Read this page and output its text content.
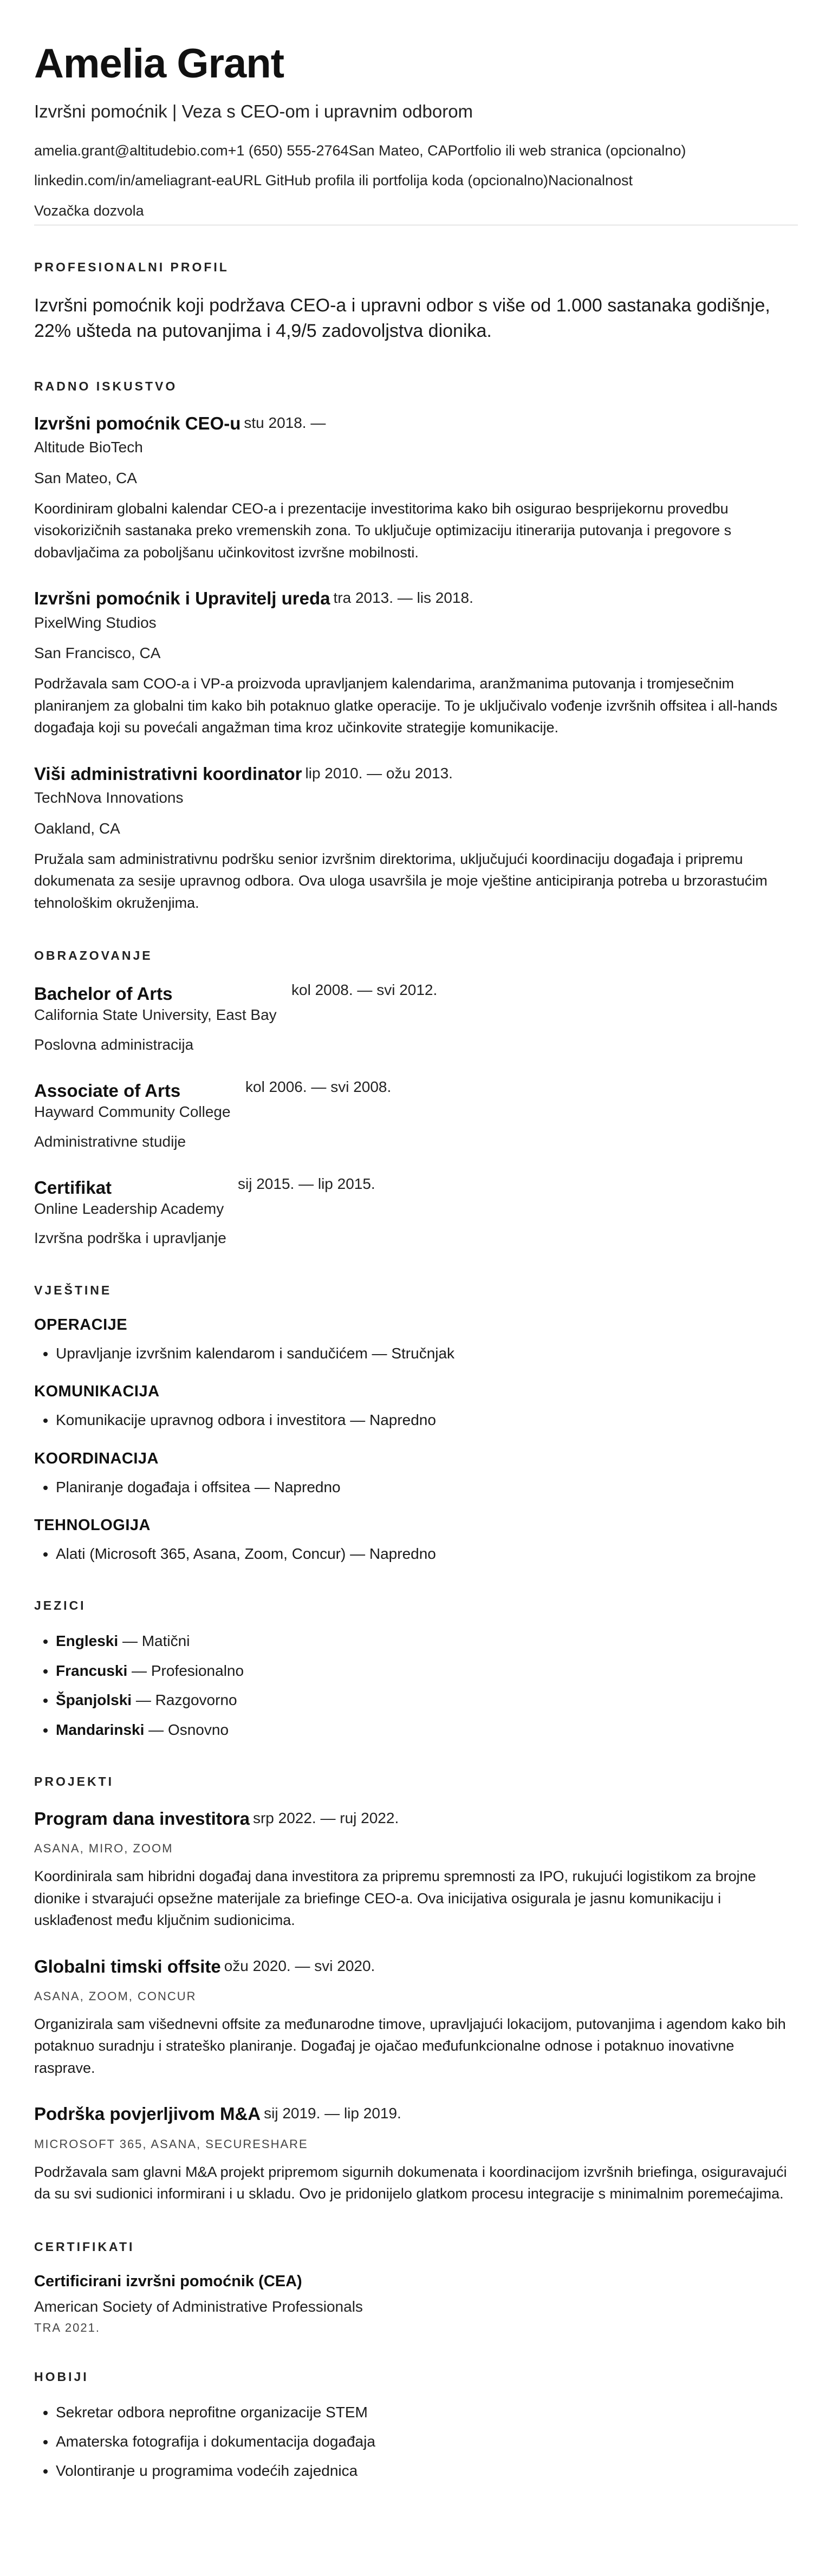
Amelia Grant
Izvršni pomoćnik | Veza s CEO-om i upravnim odborom
amelia.grant@altitudebio.com+1 (650) 555-2764San Mateo, CAPortfolio ili web stranica (opcionalno)
linkedin.com/in/ameliagrant-eaURL GitHub profila ili portfolija koda (opcionalno)Nacionalnost
Vozačka dozvola
PROFESIONALNI PROFIL
Izvršni pomoćnik koji podržava CEO-a i upravni odbor s više od 1.000 sastanaka godišnje, 22% ušteda na putovanjima i 4,9/5 zadovoljstva dionika.
RADNO ISKUSTVO
Izvršni pomoćnik CEO-u stu 2018. —
Altitude BioTech
San Mateo, CA
Koordiniram globalni kalendar CEO-a i prezentacije investitorima kako bih osigurao besprijekornu provedbu visokorizičnih sastanaka preko vremenskih zona. To uključuje optimizaciju itinerarija putovanja i pregovore s dobavljačima za poboljšanu učinkovitost izvršne mobilnosti.
Izvršni pomoćnik i Upravitelj ureda tra 2013. — lis 2018.
PixelWing Studios
San Francisco, CA
Podržavala sam COO-a i VP-a proizvoda upravljanjem kalendarima, aranžmanima putovanja i tromjesečnim planiranjem za globalni tim kako bih potaknuo glatke operacije. To je uključivalo vođenje izvršnih offsitea i all-hands događaja koji su povećali angažman tima kroz učinkovite strategije komunikacije.
Viši administrativni koordinator lip 2010. — ožu 2013.
TechNova Innovations
Oakland, CA
Pružala sam administrativnu podršku senior izvršnim direktorima, uključujući koordinaciju događaja i pripremu dokumenata za sesije upravnog odbora. Ova uloga usavršila je moje vještine anticipiranja potreba u brzorastućim tehnološkim okruženjima.
OBRAZOVANJE
Bachelor of Arts	kol 2008. — svi 2012.
California State University, East Bay
Poslovna administracija
Associate of Arts	kol 2006. — svi 2008.
Hayward Community College
Administrativne studije
Certifikat	sij 2015. — lip 2015.
Online Leadership Academy
Izvršna podrška i upravljanje
VJEŠTINE
OPERACIJE
• Upravljanje izvršnim kalendarom i sandučićem — Stručnjak
KOMUNIKACIJA
• Komunikacije upravnog odbora i investitora — Napredno
KOORDINACIJA
• Planiranje događaja i offsitea — Napredno
TEHNOLOGIJA
• Alati (Microsoft 365, Asana, Zoom, Concur) — Napredno
JEZICI
• Engleski — Matični
• Francuski — Profesionalno
• Španjolski — Razgovorno
• Mandarinski — Osnovno
PROJEKTI
Program dana investitora srp 2022. — ruj 2022.
ASANA, MIRO, ZOOM
Koordinirala sam hibridni događaj dana investitora za pripremu spremnosti za IPO, rukujući logistikom za brojne dionike i stvarajući opsežne materijale za briefinge CEO-a. Ova inicijativa osigurala je jasnu komunikaciju i usklađenost među ključnim sudionicima.
Globalni timski offsite ožu 2020. — svi 2020.
ASANA, ZOOM, CONCUR
Organizirala sam višednevni offsite za međunarodne timove, upravljajući lokacijom, putovanjima i agendom kako bih potaknuo suradnju i strateško planiranje. Događaj je ojačao međufunkcionalne odnose i potaknuo inovativne rasprave.
Podrška povjerljivom M&A sij 2019. — lip 2019.
MICROSOFT 365, ASANA, SECURESHARE
Podržavala sam glavni M&A projekt pripremom sigurnih dokumenata i koordinacijom izvršnih briefinga, osiguravajući da su svi sudionici informirani i u skladu. Ovo je pridonijelo glatkom procesu integracije s minimalnim poremećajima.
CERTIFIKATI
Certificirani izvršni pomoćnik (CEA)
American Society of Administrative Professionals
TRA 2021.
HOBIJI
• Sekretar odbora neprofitne organizacije STEM
• Amaterska fotografija i dokumentacija događaja
• Volontiranje u programima vodećih zajednica
